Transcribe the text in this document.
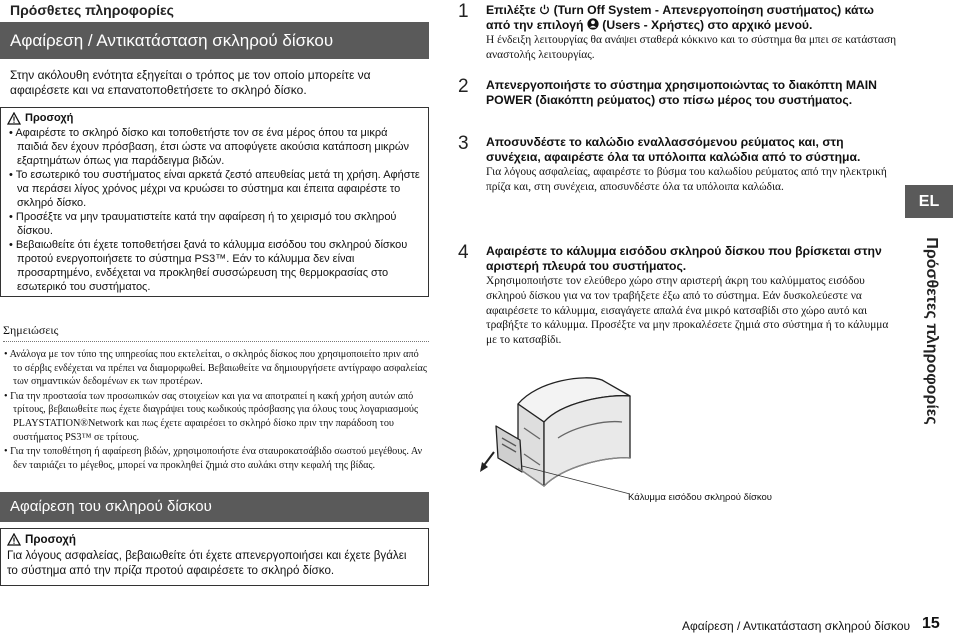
Πρόσθετες πληροφορίες
Αφαίρεση / Αντικατάσταση σκληρού δίσκου
Στην ακόλουθη ενότητα εξηγείται ο τρόπος με τον οποίο μπορείτε να αφαιρέσετε και να επανατοποθετήσετε το σκληρό δίσκο.
Προσοχή

• Αφαιρέστε το σκληρό δίσκο και τοποθετήστε τον σε ένα μέρος όπου τα μικρά παιδιά δεν έχουν πρόσβαση, έτσι ώστε να αποφύγετε ακούσια κατάποση μικρών εξαρτημάτων όπως για παράδειγμα βιδών.

• Το εσωτερικό του συστήματος είναι αρκετά ζεστό απευθείας μετά τη χρήση. Αφήστε να περάσει λίγος χρόνος μέχρι να κρυώσει το σύστημα και έπειτα αφαιρέστε το σκληρό δίσκο.

• Προσέξτε να μην τραυματιστείτε κατά την αφαίρεση ή το χειρισμό του σκληρού δίσκου.

• Βεβαιωθείτε ότι έχετε τοποθετήσει ξανά το κάλυμμα εισόδου του σκληρού δίσκου προτού ενεργοποιήσετε το σύστημα PS3™. Εάν το κάλυμμα δεν είναι προσαρτημένο, ενδέχεται να προκληθεί συσσώρευση της θερμοκρασίας στο εσωτερικό του συστήματος.

Σημειώσεις

• Ανάλογα με τον τύπο της υπηρεσίας που εκτελείται, ο σκληρός δίσκος που χρησιμοποιείτο πριν από το σέρβις ενδέχεται να πρέπει να διαμορφωθεί. Βεβαιωθείτε να δημιουργήσετε αντίγραφο ασφαλείας των σημαντικών δεδομένων εκ των προτέρων.

• Για την προστασία των προσωπικών σας στοιχείων και για να αποτραπεί η κακή χρήση αυτών από τρίτους, βεβαιωθείτε πως έχετε διαγράψει τους κωδικούς πρόσβασης για όλους τους λογαριασμούς PLAYSTATION®Network και πως έχετε αφαιρέσει το σκληρό δίσκο πριν την παράδοση του συστήματος PS3™ σε τρίτους.

• Για την τοποθέτηση ή αφαίρεση βιδών, χρησιμοποιήστε ένα σταυροκατσάβιδο σωστού μεγέθους. Αν δεν ταιριάζει το μέγεθος, μπορεί να προκληθεί ζημιά στο αυλάκι στην κεφαλή της βίδας.

Αφαίρεση του σκληρού δίσκου
Προσοχή
Για λόγους ασφαλείας, βεβαιωθείτε ότι έχετε απενεργοποιήσει και έχετε βγάλει το σύστημα από την πρίζα προτού αφαιρέσετε το σκληρό δίσκο.
1 Επιλέξτε (Turn Off System - Απενεργοποίηση συστήματος) κάτω από την επιλογή (Users - Χρήστες) στο αρχικό μενού.
Η ένδειξη λειτουργίας θα ανάψει σταθερά κόκκινο και το σύστημα θα μπει σε κατάσταση αναστολής λειτουργίας.
2 Απενεργοποιήστε το σύστημα χρησιμοποιώντας το διακόπτη MAIN POWER (διακόπτη ρεύματος) στο πίσω μέρος του συστήματος.
3 Αποσυνδέστε το καλώδιο εναλλασσόμενου ρεύματος και, στη συνέχεια, αφαιρέστε όλα τα υπόλοιπα καλώδια από το σύστημα.
Για λόγους ασφαλείας, αφαιρέστε το βύσμα του καλωδίου ρεύματος από την ηλεκτρική πρίζα και, στη συνέχεια, αποσυνδέστε όλα τα υπόλοιπα καλώδια.
4 Αφαιρέστε το κάλυμμα εισόδου σκληρού δίσκου που βρίσκεται στην αριστερή πλευρά του συστήματος.
Χρησιμοποιήστε τον ελεύθερο χώρο στην αριστερή άκρη του καλύμματος εισόδου σκληρού δίσκου για να τον τραβήξετε έξω από το σύστημα. Εάν δυσκολεύεστε να αφαιρέσετε το κάλυμμα, εισαγάγετε απαλά ένα μικρό κατσαβίδι στο χώρο αυτό και τραβήξτε το κάλυμμα. Προσέξτε να μην προκαλέσετε ζημιά στο σύστημα ή το κάλυμμα με το κατσαβίδι.
Κάλυμμα εισόδου σκληρού δίσκου
EL
Πρόσθετες πληροφορίες
Αφαίρεση / Αντικατάσταση σκληρού δίσκου 15
